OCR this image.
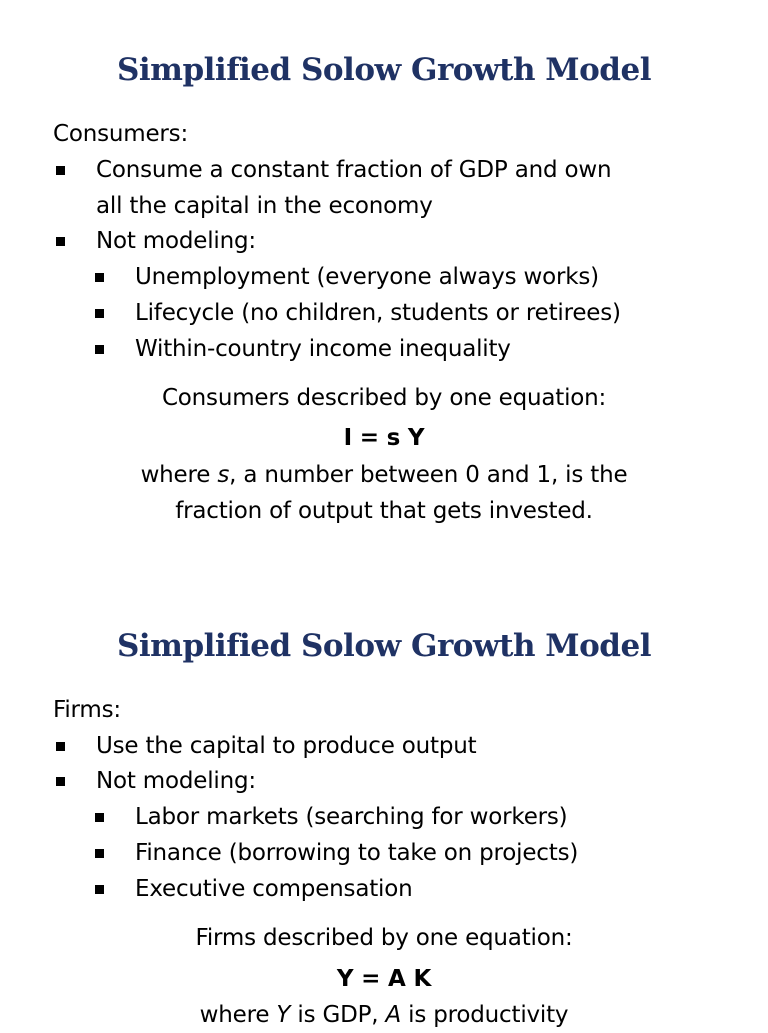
Simplified Solow Growth Model
Consumers:
Consume a constant fraction of GDP and own
all the capital in the economy
Not modeling:
Unemployment (everyone always works)
Lifecycle (no children, students or retirees)
Within-country income inequality
Consumers described by one equation:
I = s Y
where s, a number between 0 and 1, is the
fraction of output that gets invested.
Simplified Solow Growth Model
Firms:
Use the capital to produce output
Not modeling:
Labor markets (searching for workers)
Finance (borrowing to take on projects)
Executive compensation
Firms described by one equation:
Y = A K
where Y is GDP, A is productivity
